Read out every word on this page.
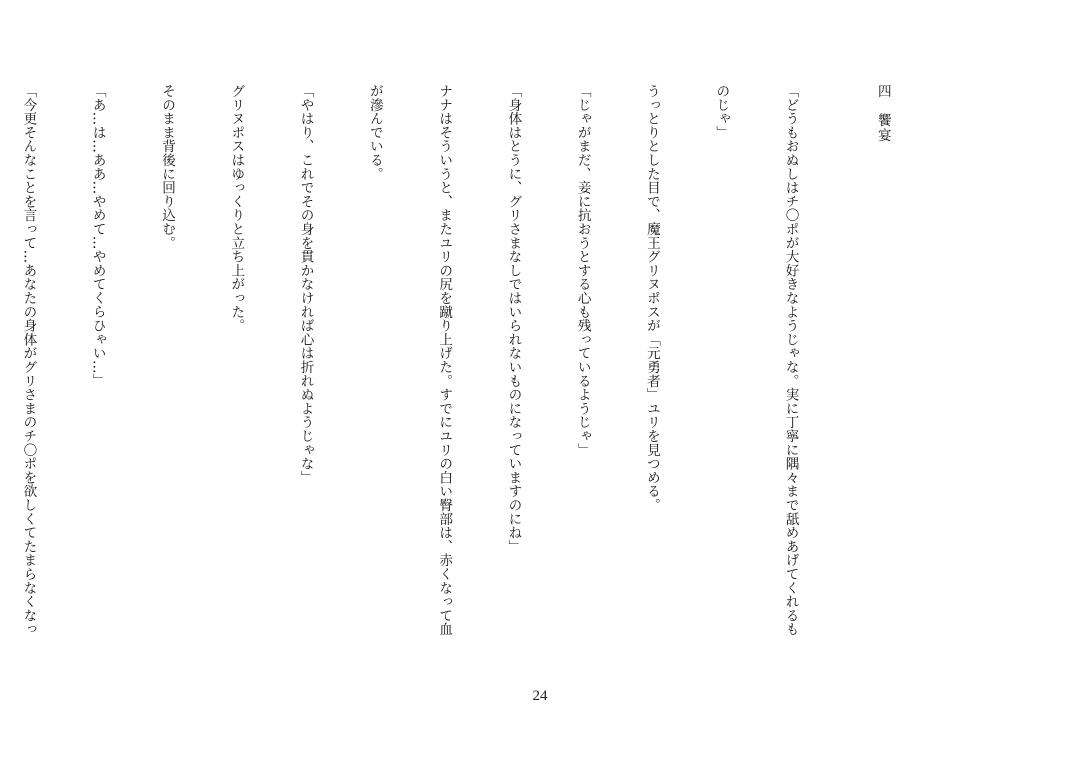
四　饗宴

「どうもおぬしはチ〇ポが大好きなようじゃな。実に丁寧に隅々まで舐めあげてくれるも

のじゃ」

うっとりとした目で、魔王グリヌポスが「元勇者」ユリを見つめる。

「じゃがまだ、妾に抗おうとする心も残っているようじゃ」

「身体はとうに、グリさまなしではいられないものになっていますのにね」

ナナはそういうと、またユリの尻を蹴り上げた。すでにユリの白い臀部は、赤くなって血

が滲んでいる。

「やはり、これでその身を貫かなければ心は折れぬようじゃな」

グリヌポスはゆっくりと立ち上がった。

そのまま背後に回り込む。

「あ…は…ああ…やめて…やめてくらひゃい…」

「今更そんなことを言って…あなたの身体がグリさまのチ〇ポを欲しくてたまらなくなっ

24
